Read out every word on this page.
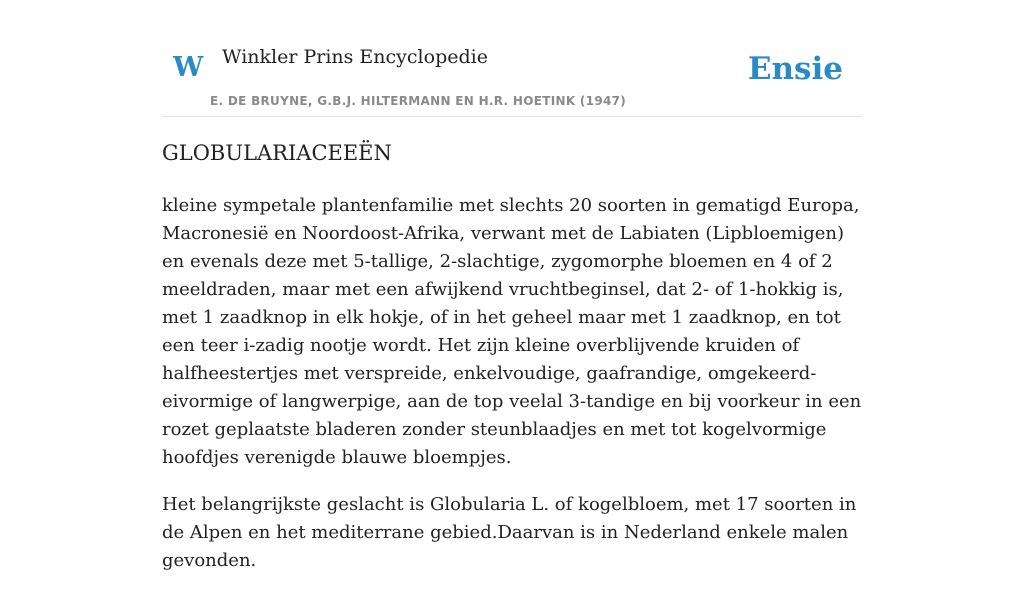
W Winkler Prins Encyclopedie
E. DE BRUYNE, G.B.J. HILTERMANN EN H.R. HOETINK (1947)
Ensie
GLOBULARIACEEËN

kleine sympetale plantenfamilie met slechts 20 soorten in gematigd Europa, Macronesië en Noordoost-Afrika, verwant met de Labiaten (Lipbloemigen) en evenals deze met 5-tallige, 2-slachtige, zygomorphe bloemen en 4 of 2 meeldraden, maar met een afwijkend vruchtbeginsel, dat 2- of 1-hokkig is, met 1 zaadknop in elk hokje, of in het geheel maar met 1 zaadknop, en tot een teer i-zadig nootje wordt. Het zijn kleine overblijvende kruiden of halfheestertjes met verspreide, enkelvoudige, gaafrandige, omgekeerd-eivormige of langwerpige, aan de top veelal 3-tandige en bij voorkeur in een rozet geplaatste bladeren zonder steunblaadjes en met tot kogelvormige hoofdjes verenigde blauwe bloempjes.

Het belangrijkste geslacht is Globularia L. of kogelbloem, met 17 soorten in de Alpen en het mediterrane gebied.Daarvan is in Nederland enkele malen gevonden.
